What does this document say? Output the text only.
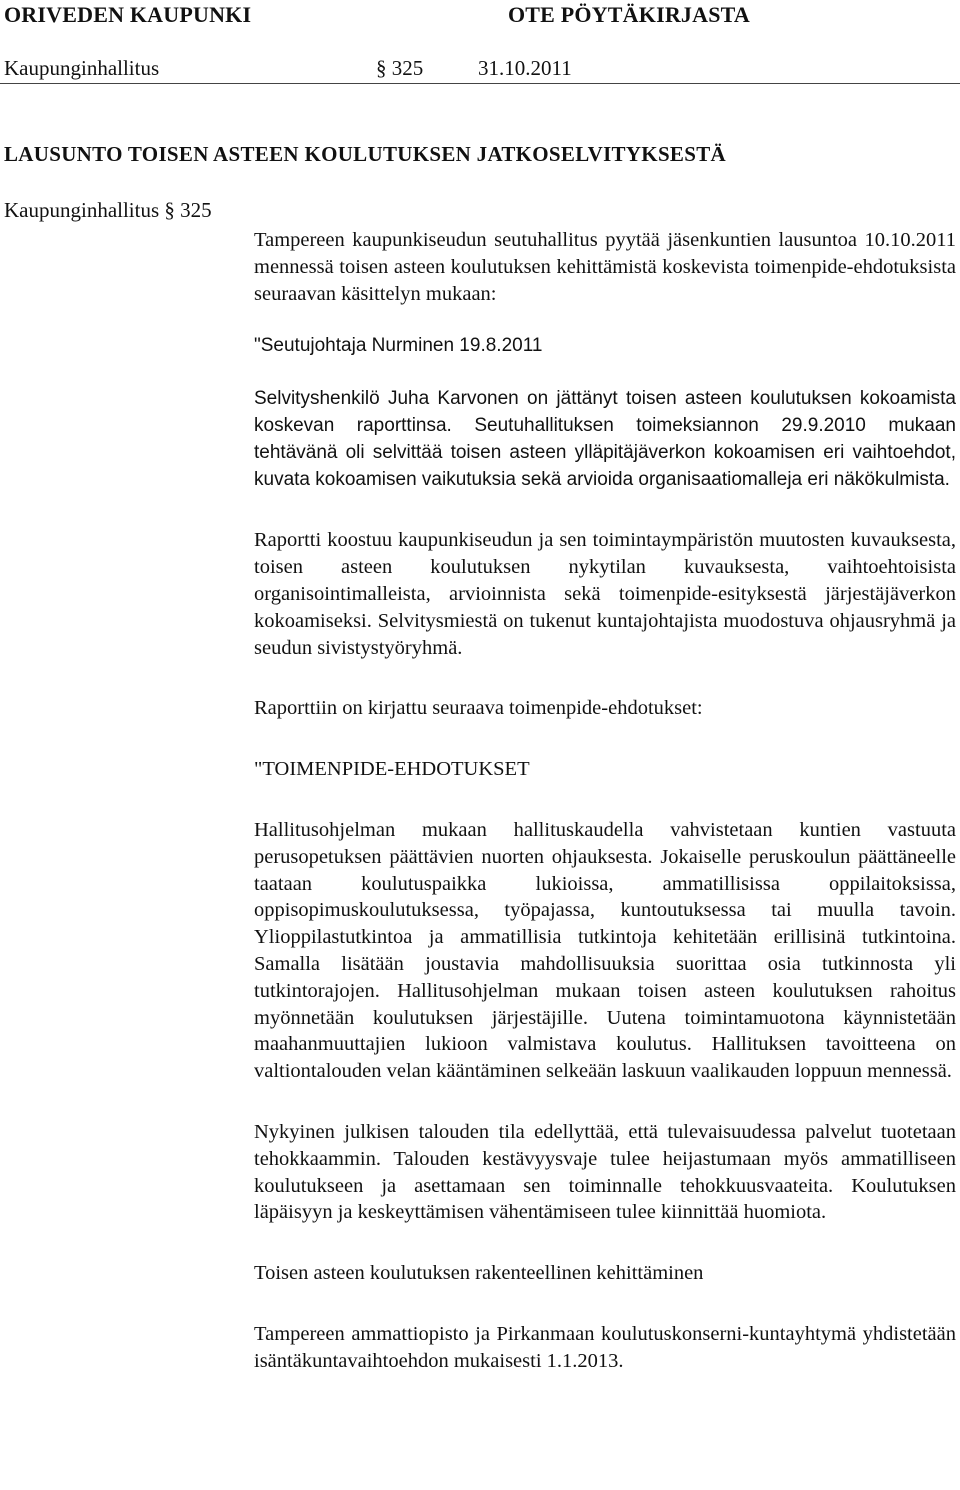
ORIVEDEN KAUPUNKI	OTE PÖYTÄKIRJASTA
Kaupunginhallitus	§ 325	31.10.2011
LAUSUNTO TOISEN ASTEEN KOULUTUKSEN JATKOSELVITYKSESTÄ
Kaupunginhallitus § 325

Tampereen kaupunkiseudun seutuhallitus pyytää jäsenkuntien lausuntoa 10.10.2011 mennessä toisen asteen koulutuksen kehittämistä koskevista toimenpide-ehdotuksista seuraavan käsittelyn mukaan:

"Seutujohtaja Nurminen 19.8.2011

Selvityshenkilö Juha Karvonen on jättänyt toisen asteen koulutuksen kokoamista koskevan raporttinsa. Seutuhallituksen toimeksiannon 29.9.2010 mukaan tehtävänä oli selvittää toisen asteen ylläpitäjäverkon kokoamisen eri vaihtoehdot, kuvata kokoamisen vaikutuksia sekä arvioida organisaatiomalleja eri näkökulmista.

Raportti koostuu kaupunkiseudun ja sen toimintaympäristön muutosten kuvauksesta, toisen asteen koulutuksen nykytilan kuvauksesta, vaihtoehtoisista organisointimalleista, arvioinnista sekä toimenpide-esityksestä järjestäjäverkon kokoamiseksi. Selvitysmiestä on tukenut kuntajohtajista muodostuva ohjausryhmä ja seudun sivistystyöryhmä.

Raporttiin on kirjattu seuraava toimenpide-ehdotukset:

"TOIMENPIDE-EHDOTUKSET

Hallitusohjelman mukaan hallituskaudella vahvistetaan kuntien vastuuta perusopetuksen päättävien nuorten ohjauksesta. Jokaiselle peruskoulun päättäneelle taataan koulutuspaikka lukioissa, ammatillisissa oppilaitoksissa, oppisopimuskoulutuksessa, työpajassa, kuntoutuksessa tai muulla tavoin. Ylioppilastutkintoa ja ammatillisia tutkintoja kehitetään erillisinä tutkintoina. Samalla lisätään joustavia mahdollisuuksia suorittaa osia tutkinnosta yli tutkintorajojen. Hallitusohjelman mukaan toisen asteen koulutuksen rahoitus myönnetään koulutuksen järjestäjille. Uutena toimintamuotona käynnistetään maahanmuuttajien lukioon valmistava koulutus. Hallituksen tavoitteena on valtiontalouden velan kääntäminen selkeään laskuun vaalikauden loppuun mennessä.

Nykyinen julkisen talouden tila edellyttää, että tulevaisuudessa palvelut tuotetaan tehokkaammin. Talouden kestävyysvaje tulee heijastumaan myös ammatilliseen koulutukseen ja asettamaan sen toiminnalle tehokkuusvaateita. Koulutuksen läpäisyyn ja keskeyttämisen vähentämiseen tulee kiinnittää huomiota.

Toisen asteen koulutuksen rakenteellinen kehittäminen

Tampereen ammattiopisto ja Pirkanmaan koulutuskonserni-kuntayhtymä yhdistetään isäntäkuntavaihtoehdon mukaisesti 1.1.2013.
